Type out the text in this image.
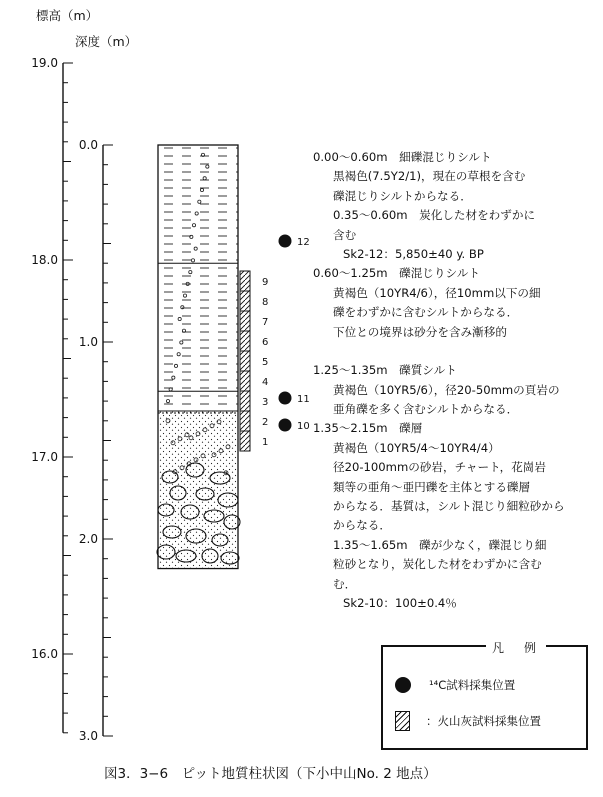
標高（m）
深度（m）
19.0
18.0
17.0
16.0
0.0
1.0
2.0
3.0
9
8
7
6
5
4
3
2
1
12
11
10
0.00～0.60m　細礫混じりシルト
黒褐色(7.5Y2/1)，現在の草根を含む
礫混じりシルトからなる．
0.35～0.60m　炭化した材をわずかに
含む
Sk2-12：5,850±40 y. BP
0.60～1.25m　礫混じりシルト
黄褐色（10YR4/6），径10mm以下の細
礫をわずかに含むシルトからなる．
下位との境界は砂分を含み漸移的
1.25～1.35m　礫質シルト
黄褐色（10YR5/6），径20-50mmの頁岩の
亜角礫を多く含むシルトからなる．
1.35～2.15m　礫層
黄褐色（10YR5/4～10YR4/4）
径20-100mmの砂岩，チャート，花崗岩
類等の亜角～亜円礫を主体とする礫層
からなる．基質は，シルト混じり細粒砂から
からなる．
1.35～1.65m　礫が少なく，礫混じり細
粒砂となり，炭化した材をわずかに含む
む．
Sk2-10：100±0.4％
¹⁴C試料採集位置
：火山灰試料採集位置
凡　例
図3．3−6　ピット地質柱状図（下小中山No. 2 地点）
